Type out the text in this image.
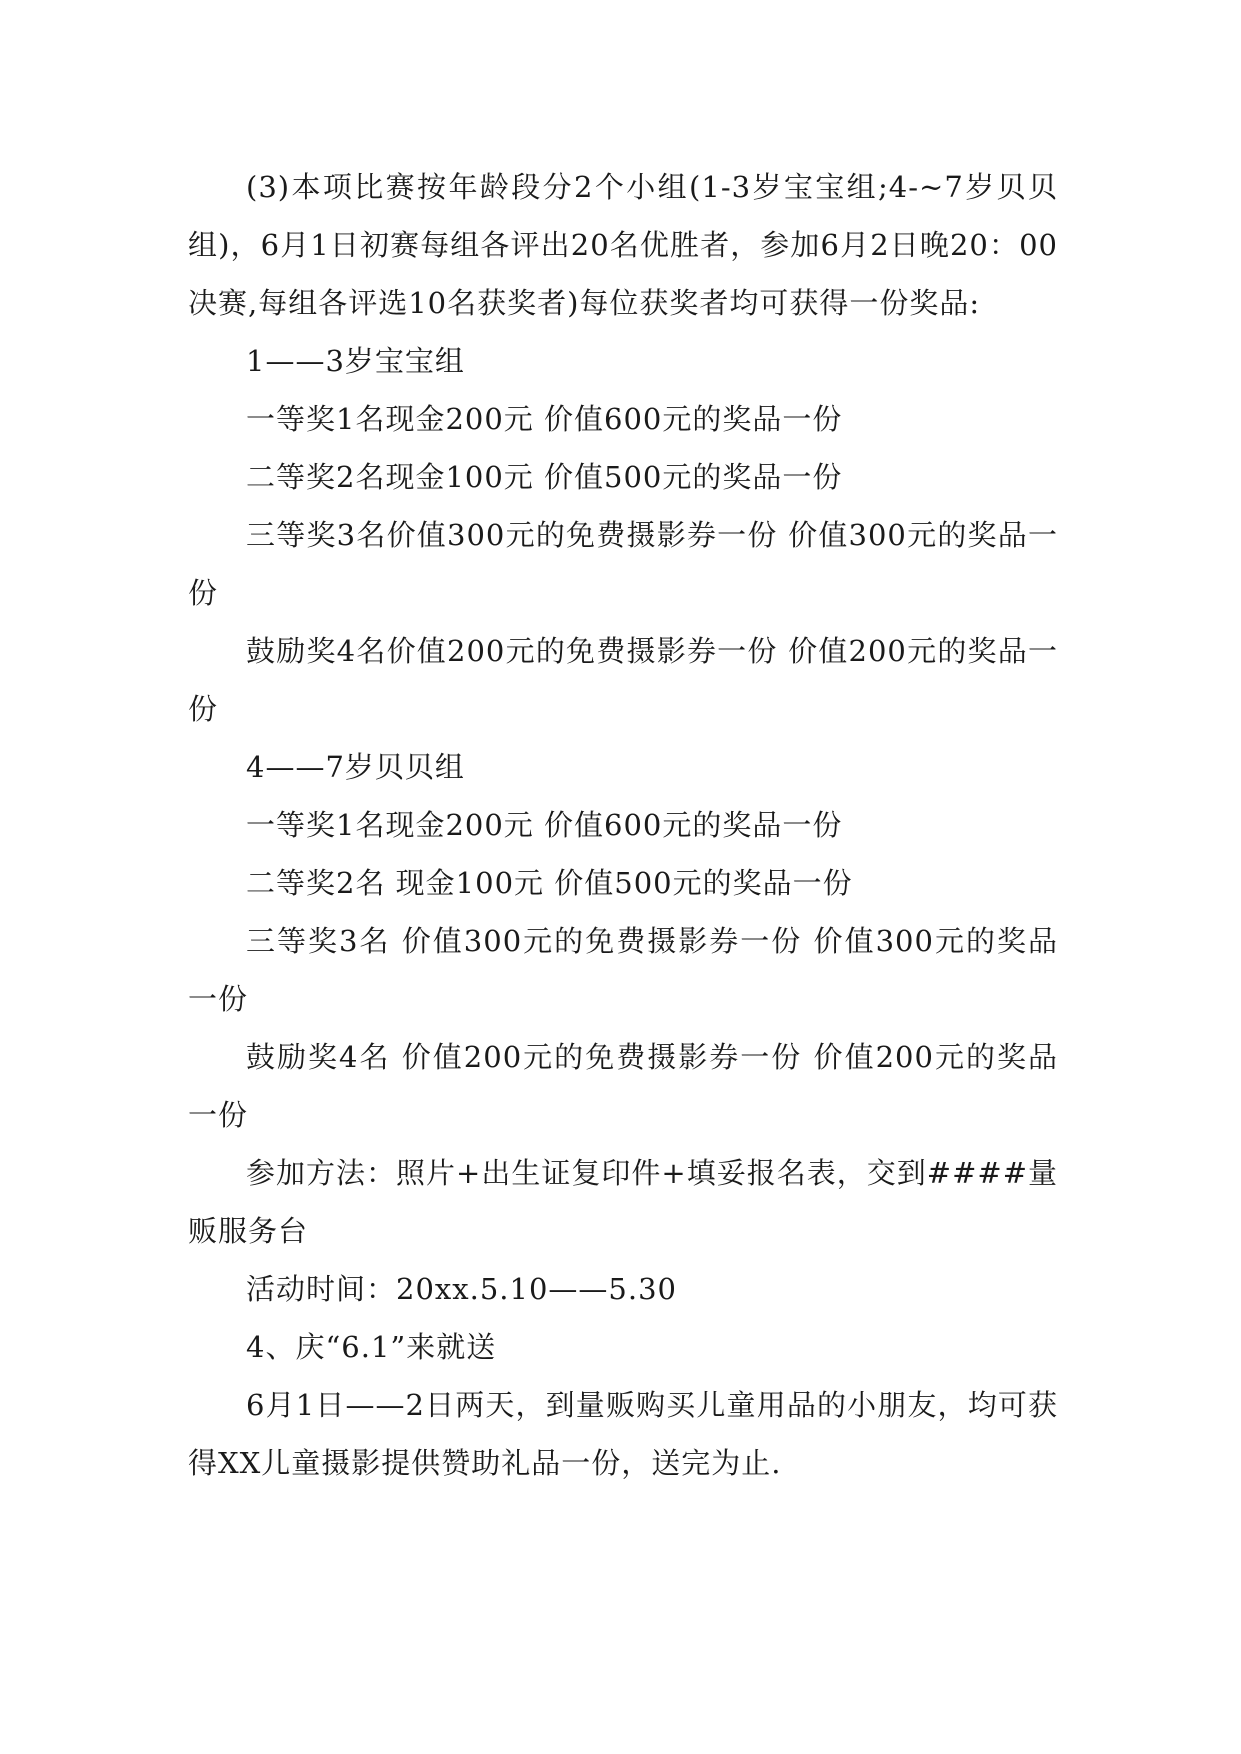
(3)本项比赛按年龄段分2个小组(1-3岁宝宝组;4-~7岁贝贝组)，6月1日初赛每组各评出20名优胜者，参加6月2日晚20：00决赛,每组各评选10名获奖者)每位获奖者均可获得一份奖品:

1——3岁宝宝组

一等奖1名现金200元 价值600元的奖品一份

二等奖2名现金100元 价值500元的奖品一份

三等奖3名价值300元的免费摄影券一份 价值300元的奖品一份

鼓励奖4名价值200元的免费摄影券一份 价值200元的奖品一份

4——7岁贝贝组

一等奖1名现金200元 价值600元的奖品一份

二等奖2名 现金100元 价值500元的奖品一份

三等奖3名 价值300元的免费摄影券一份 价值300元的奖品一份

鼓励奖4名 价值200元的免费摄影券一份 价值200元的奖品一份

参加方法：照片+出生证复印件+填妥报名表，交到####量贩服务台

活动时间：20xx.5.10——5.30

4、庆“6.1”来就送

6月1日——2日两天，到量贩购买儿童用品的小朋友，均可获得XX儿童摄影提供赞助礼品一份，送完为止.
